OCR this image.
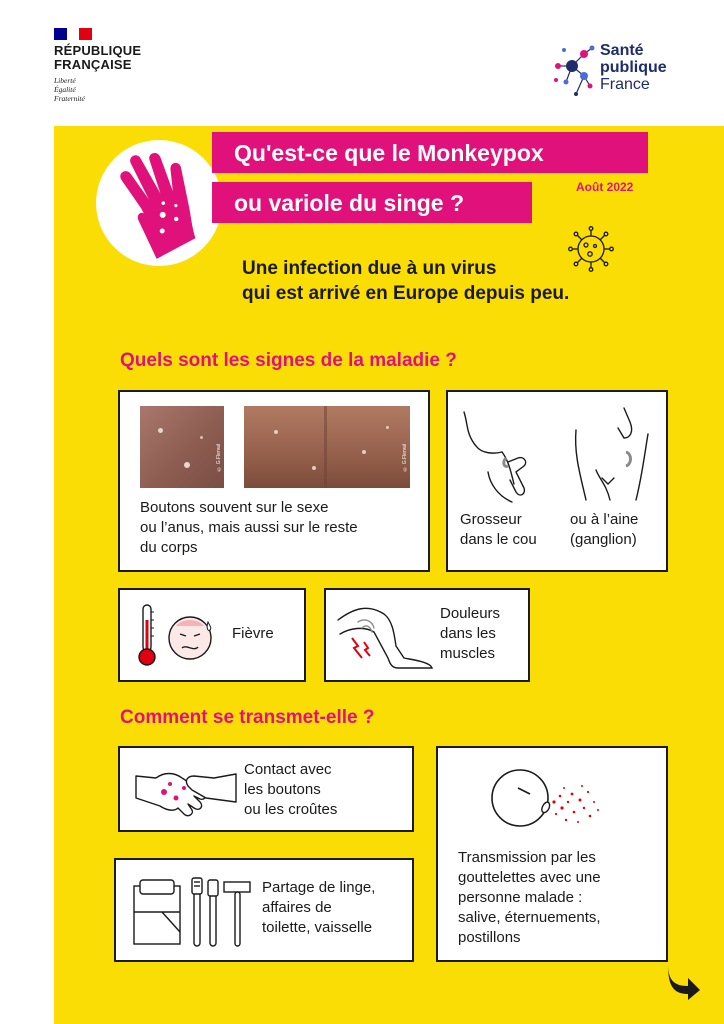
RÉPUBLIQUE
FRANÇAISE
Liberté
Égalité
Fraternité
Santé
publique
France
Qu'est-ce que le Monkeypox
ou variole du singe ?
Août 2022
Une infection due à un virus
qui est arrivé en Europe depuis peu.
Quels sont les signes de la maladie ?
© G.Flerval	© G.Flerval
Boutons souvent sur le sexe
ou l’anus, mais aussi sur le reste
du corps
Grosseur
dans le cou
ou à l’aine
(ganglion)
Fièvre
Douleurs
dans les
muscles
Comment se transmet-elle ?
Contact avec
les boutons
ou les croûtes
Partage de linge,
affaires de
toilette, vaisselle
Transmission par les
gouttelettes avec une
personne malade :
salive, éternuements,
postillons
